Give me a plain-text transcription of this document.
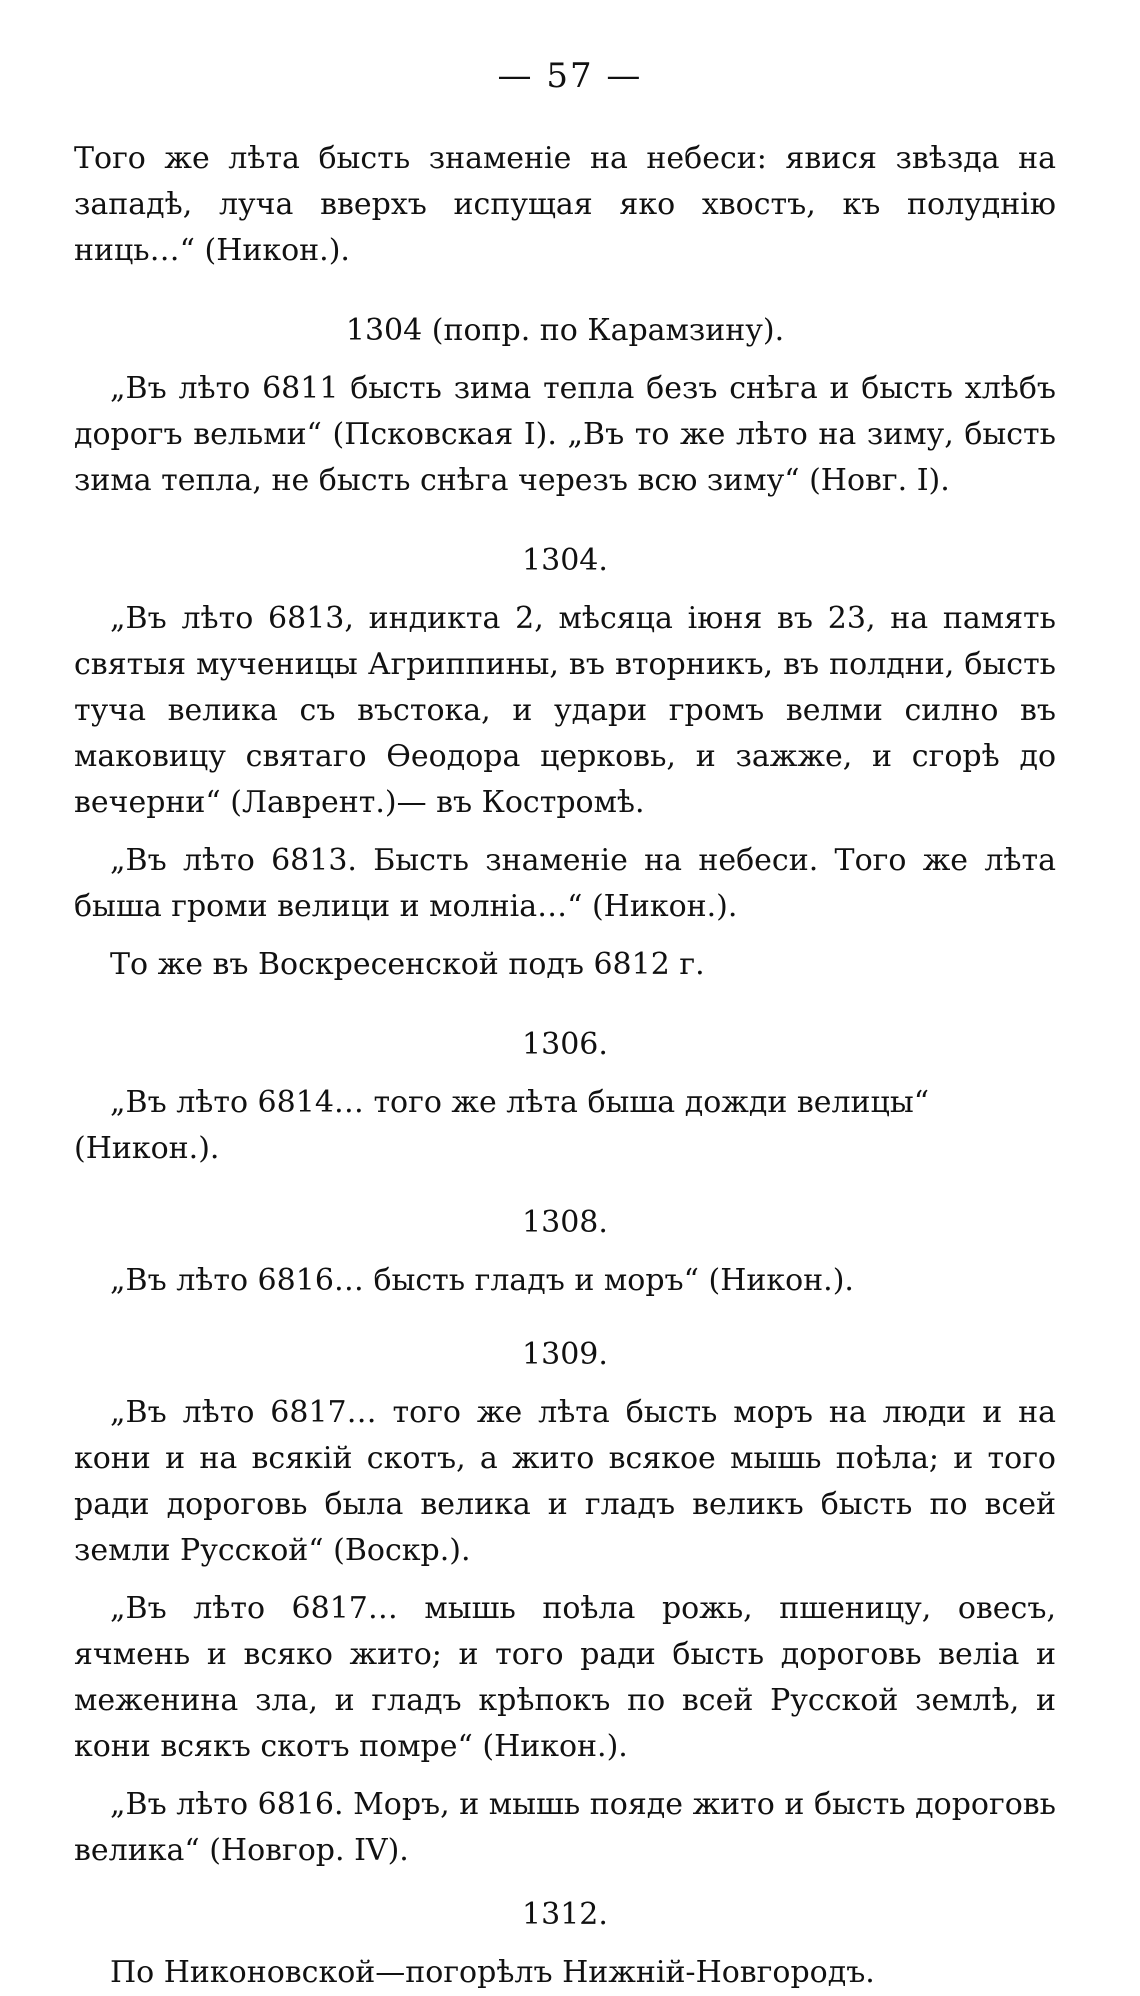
— 57 —

Того же лѣта бысть знаменіе на небеси: явися звѣзда на западѣ, луча вверхъ испущая яко хвостъ, къ полуднію ниць…“ (Никон.).

1304 (попр. по Карамзину).

„Въ лѣто 6811 бысть зима тепла безъ снѣга и бысть хлѣбъ дорогъ вельми“ (Псковская I). „Въ то же лѣто на зиму, бысть зима тепла, не бысть снѣга черезъ всю зиму“ (Новг. I).

1304.

„Въ лѣто 6813, индикта 2, мѣсяца іюня въ 23, на память святыя мученицы Агриппины, въ вторникъ, въ полдни, бысть туча велика съ въстока, и удари громъ велми силно въ маковицу святаго Ѳеодора церковь, и зажже, и сгорѣ до вечерни“ (Лаврент.)— въ Костромѣ.

„Въ лѣто 6813. Бысть знаменіе на небеси. Того же лѣта быша громи велици и молніа…“ (Никон.).

То же въ Воскресенской подъ 6812 г.

1306.

„Въ лѣто 6814… того же лѣта быша дожди велицы“ (Никон.).

1308.

„Въ лѣто 6816… бысть гладъ и моръ“ (Никон.).

1309.

„Въ лѣто 6817… того же лѣта бысть моръ на люди и на кони и на всякій скотъ, а жито всякое мышь поѣла; и того ради дороговь была велика и гладъ великъ бысть по всей земли Русской“ (Воскр.).

„Въ лѣто 6817… мышь поѣла рожь, пшеницу, овесъ, ячмень и всяко жито; и того ради бысть дороговь веліа и меженина зла, и гладъ крѣпокъ по всей Русской землѣ, и кони всякъ скотъ помре“ (Никон.).

„Въ лѣто 6816. Моръ, и мышь пояде жито и бысть дороговь велика“ (Новгор. IV).

1312.

По Никоновской—погорѣлъ Нижній-Новгородъ.
